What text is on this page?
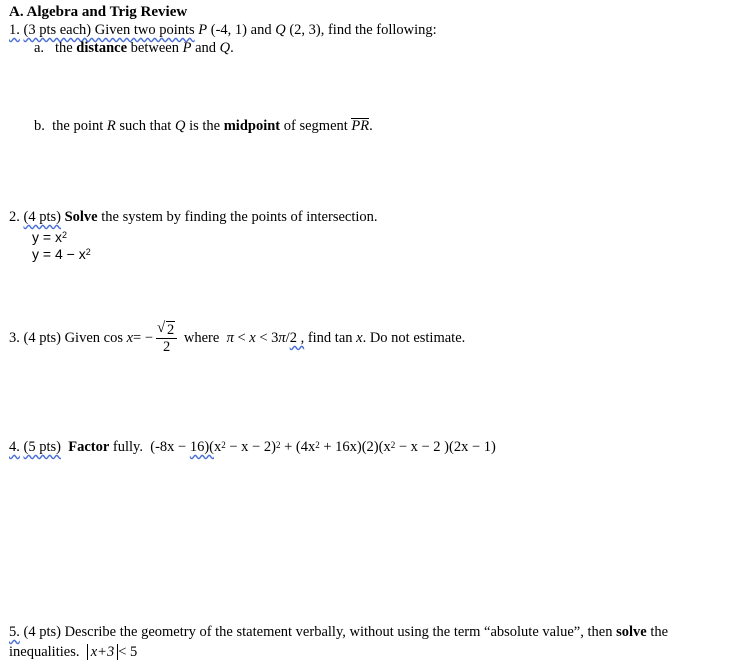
A. Algebra and Trig Review
1. (3 pts each) Given two points P (-4, 1) and Q (2, 3), find the following:
a. the distance between P and Q.
b. the point R such that Q is the midpoint of segment PR.
2. (4 pts) Solve the system by finding the points of intersection.
$y = x^2$
$y = 4 - x^2$
3. (4 pts) Given cos x= − √ $\frac{2}{2}$ where π < x < 3π/2 , find tan x. Do not estimate.
4. (5 pts) Factor fully. $(-8x - 16)(x^2 - x - 2)^2 + (4x^2 + 16x)(2)(x^2 - x - 2$ )(2x − 1)
5. (4 pts) Describe the geometry of the statement verbally, without using the term “absolute value”, then solve the
inequalities. x+3 < 5
